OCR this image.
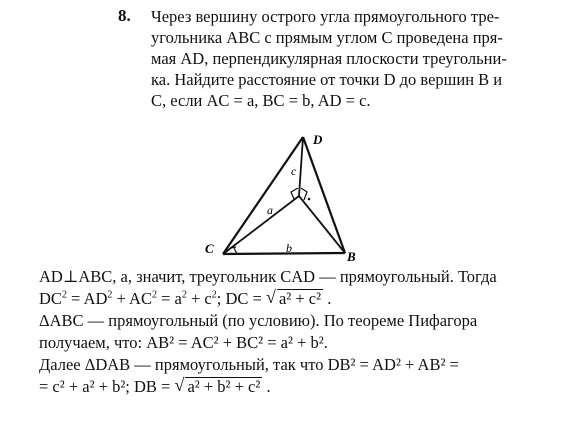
8. Через вершину острого угла прямоугольного тре-
угольника ABC с прямым углом C проведена пря-
мая AD, перпендикулярная плоскости треугольни-
ка. Найдите расстояние от точки D до вершин B и
C, если AC = a, BC = b, AD = c.
D
C
B
a
b
c
AD⊥ABC, а, значит, треугольник CAD — прямоугольный. Тогда
$DC^2 = AD^2 + AC^2 = a^2 + c^2$; DC = √ a² + c² .
ΔABC — прямоугольный (по условию). По теореме Пифагора
получаем, что: AB² = AC² + BC² = a² + b².
Далее ΔDAB — прямоугольный, так что DB² = AD² + AB² =
= c² + a² + b²; DB = √ a² + b² + c² .
